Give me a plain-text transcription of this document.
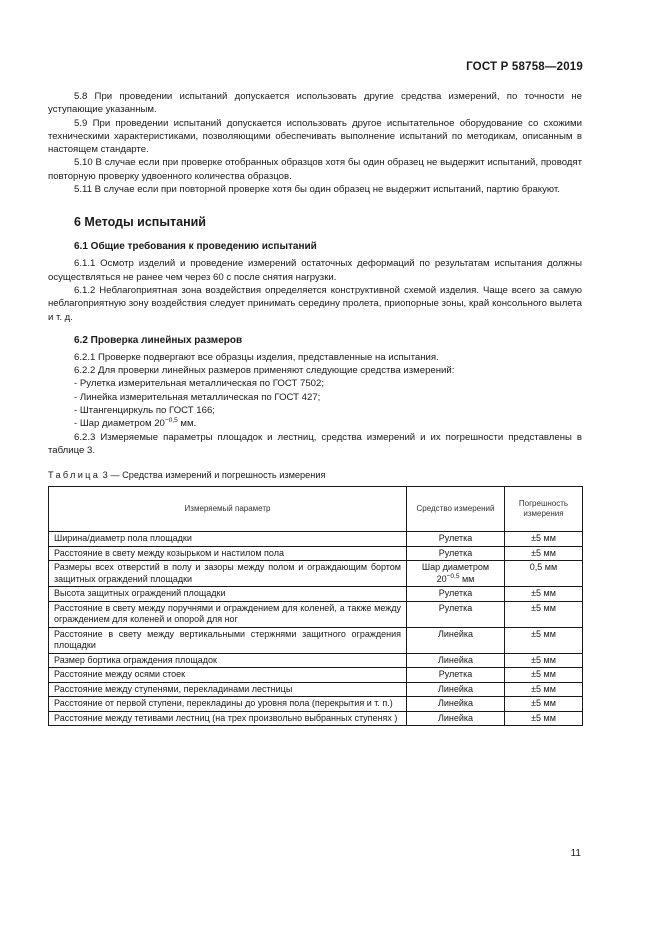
ГОСТ Р 58758—2019

5.8 При проведении испытаний допускается использовать другие средства измерений, по точности не уступающие указанным.

5.9 При проведении испытаний допускается использовать другое испытательное оборудование со схожими техническими характеристиками, позволяющими обеспечивать выполнение испытаний по методикам, описанным в настоящем стандарте.

5.10 В случае если при проверке отобранных образцов хотя бы один образец не выдержит испытаний, проводят повторную проверку удвоенного количества образцов.

5.11 В случае если при повторной проверке хотя бы один образец не выдержит испытаний, партию бракуют.

6 Методы испытаний
6.1 Общие требования к проведению испытаний

6.1.1 Осмотр изделий и проведение измерений остаточных деформаций по результатам испытания должны осуществляться не ранее чем через 60 с после снятия нагрузки.

6.1.2 Неблагоприятная зона воздействия определяется конструктивной схемой изделия. Чаще всего за самую неблагоприятную зону воздействия следует принимать середину пролета, приопорные зоны, край консольного вылета и т. д.

6.2 Проверка линейных размеров

6.2.1 Проверке подвергают все образцы изделия, представленные на испытания.

6.2.2 Для проверки линейных размеров применяют следующие средства измерений:

- Рулетка измерительная металлическая по ГОСТ 7502;

- Линейка измерительная металлическая по ГОСТ 427;

- Штангенциркуль по ГОСТ 166;

- Шар диаметром $20^{-0,5}$ мм.

6.2.3 Измеряемые параметры площадок и лестниц, средства измерений и их погрешности представлены в таблице 3.

Таблица 3 — Средства измерений и погрешность измерения
Измеряемый параметр	Средство измерений	Погрешность измерения
Ширина/диаметр пола площадки	Рулетка	±5 мм
Расстояние в свету между козырьком и настилом пола	Рулетка	±5 мм
Размеры всех отверстий в полу и зазоры между полом и ограждающим бортом защитных ограждений площадки	Шар диаметром $20^{-0,5}$ мм	0,5 мм
Высота защитных ограждений площадки	Рулетка	±5 мм
Расстояние в свету между поручнями и ограждением для коленей, а также между ограждением для коленей и опорой для ног	Рулетка	±5 мм
Расстояние в свету между вертикальными стержнями защитного ограждения площадки	Линейка	±5 мм
Размер бортика ограждения площадок	Линейка	±5 мм
Расстояние между осями стоек	Рулетка	±5 мм
Расстояние между ступенями, перекладинами лестницы	Линейка	±5 мм
Расстояние от первой ступени, перекладины до уровня пола (перекрытия и т. п.)	Линейка	±5 мм
Расстояние между тетивами лестниц (на трех произвольно выбранных ступенях )	Линейка	±5 мм
11
